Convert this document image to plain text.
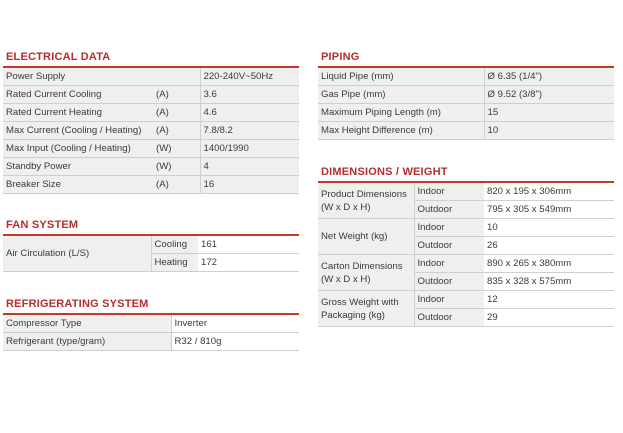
ELECTRICAL DATA
Power Supply		220-240V~50Hz
Rated Current Cooling	(A)	3.6
Rated Current Heating	(A)	4.6
Max Current (Cooling / Heating)	(A)	7.8/8.2
Max Input (Cooling / Heating)	(W)	1400/1990
Standby Power	(W)	4
Breaker Size	(A)	16
FAN SYSTEM
Air Circulation (L/S)	Cooling	161
	Heating	172
REFRIGERATING SYSTEM
Compressor Type	Inverter
Refrigerant (type/gram)	R32 / 810g
PIPING
Liquid Pipe (mm)	Ø 6.35 (1/4")
Gas Pipe (mm)	Ø 9.52 (3/8")
Maximum Piping Length (m)	15
Max Height Difference (m)	10
DIMENSIONS / WEIGHT
Product Dimensions (W x D x H)	Indoor	820 x 195 x 306mm
	Outdoor	795 x 305 x 549mm
Net Weight (kg)	Indoor	10
	Outdoor	26
Carton Dimensions (W x D x H)	Indoor	890 x 265 x 380mm
	Outdoor	835 x 328 x 575mm
Gross Weight with Packaging (kg)	Indoor	12
	Outdoor	29
